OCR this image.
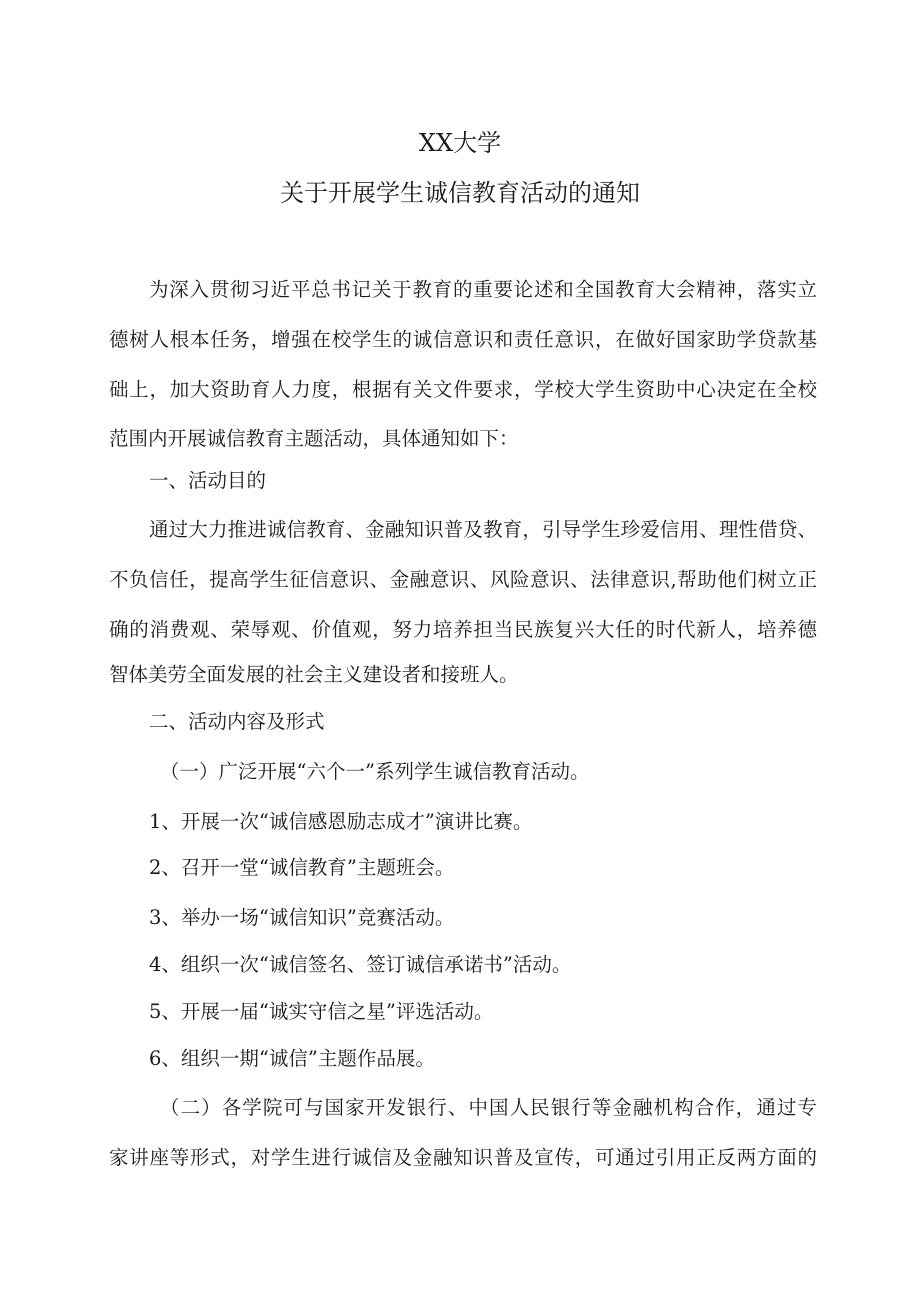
XX大学
关于开展学生诚信教育活动的通知
为深入贯彻习近平总书记关于教育的重要论述和全国教育大会精神，落实立
德树人根本任务，增强在校学生的诚信意识和责任意识，在做好国家助学贷款基
础上，加大资助育人力度，根据有关文件要求，学校大学生资助中心决定在全校
范围内开展诚信教育主题活动，具体通知如下：
一、活动目的
通过大力推进诚信教育、金融知识普及教育，引导学生珍爱信用、理性借贷、
不负信任，提高学生征信意识、金融意识、风险意识、法律意识,帮助他们树立正
确的消费观、荣辱观、价值观，努力培养担当民族复兴大任的时代新人，培养德
智体美劳全面发展的社会主义建设者和接班人。
二、活动内容及形式
（一）广泛开展“六个一”系列学生诚信教育活动。
1、开展一次“诚信感恩励志成才”演讲比赛。
2、召开一堂“诚信教育”主题班会。
3、举办一场“诚信知识”竞赛活动。
4、组织一次“诚信签名、签订诚信承诺书”活动。
5、开展一届“诚实守信之星”评选活动。
6、组织一期“诚信”主题作品展。
（二）各学院可与国家开发银行、中国人民银行等金融机构合作，通过专
家讲座等形式，对学生进行诚信及金融知识普及宣传，可通过引用正反两方面的
